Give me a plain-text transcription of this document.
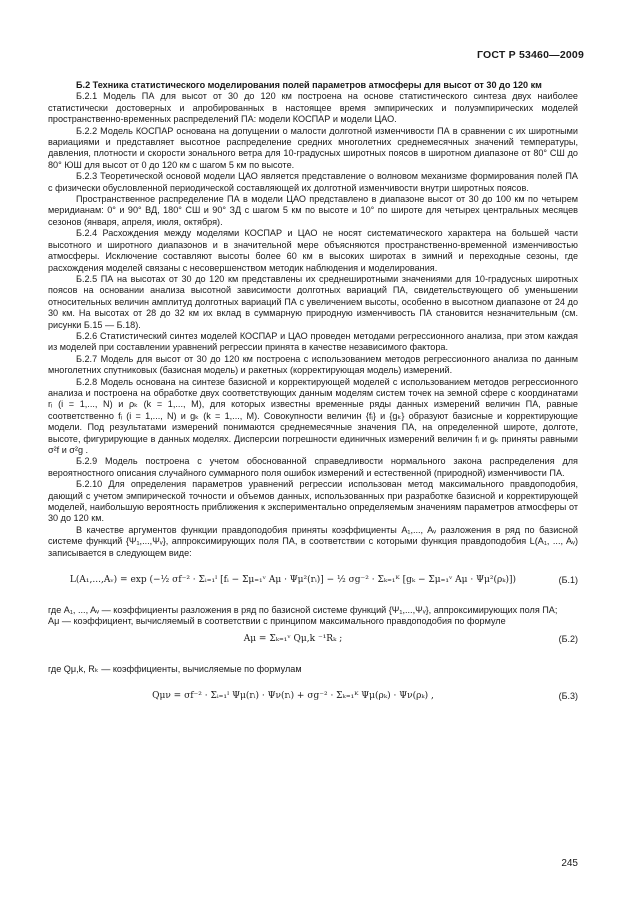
ГОСТ Р 53460—2009
Б.2 Техника статистического моделирования полей параметров атмосферы для высот от 30 до 120 км

Б.2.1 Модель ПА для высот от 30 до 120 км построена на основе статистического синтеза двух наиболее статистически достоверных и апробированных в настоящее время эмпирических и полуэмпирических моделей пространственно-временных распределений ПА: модели КОСПАР и модели ЦАО.

Б.2.2 Модель КОСПАР основана на допущении о малости долготной изменчивости ПА в сравнении с их широтными вариациями и представляет высотное распределение средних многолетних среднемесячных значений температуры, давления, плотности и скорости зонального ветра для 10-градусных широтных поясов в широтном диапазоне от 80° СШ до 80° ЮШ для высот от 0 до 120 км с шагом 5 км по высоте.

Б.2.3 Теоретической основой модели ЦАО является представление о волновом механизме формирования полей ПА с физически обусловленной периодической составляющей их долготной изменчивости внутри широтных поясов.

Пространственное распределение ПА в модели ЦАО представлено в диапазоне высот от 30 до 100 км по четырем меридианам: 0° и 90° ВД, 180° СШ и 90° ЗД с шагом 5 км по высоте и 10° по широте для четырех центральных месяцев сезонов (января, апреля, июля, октября).

Б.2.4 Расхождения между моделями КОСПАР и ЦАО не носят систематического характера на большей части высотного и широтного диапазонов и в значительной мере объясняются пространственно-временной изменчивостью атмосферы. Исключение составляют высоты более 60 км в высоких широтах в зимний и переходные сезоны, где расхождения моделей связаны с несовершенством методик наблюдения и моделирования.

Б.2.5 ПА на высотах от 30 до 120 км представлены их среднеширотными значениями для 10-градусных широтных поясов на основании анализа высотной зависимости долготных вариаций ПА, свидетельствующего об уменьшении относительных величин амплитуд долготных вариаций ПА с увеличением высоты, особенно в высотном диапазоне от 24 до 30 км. На высотах от 28 до 32 км их вклад в суммарную природную изменчивость ПА становится незначительным (см. рисунки Б.15 — Б.18).

Б.2.6 Статистический синтез моделей КОСПАР и ЦАО проведен методами регрессионного анализа, при этом каждая из моделей при составлении уравнений регрессии принята в качестве независимого фактора.

Б.2.7 Модель для высот от 30 до 120 км построена с использованием методов регрессионного анализа по данным многолетних спутниковых (базисная модель) и ракетных (корректирующая модель) измерений.

Б.2.8 Модель основана на синтезе базисной и корректирующей моделей с использованием методов регрессионного анализа и построена на обработке двух соответствующих данным моделям систем точек на земной сфере с координатами rᵢ (i = 1,..., N) и ρₖ (k = 1,..., M), для которых известны временные ряды данных измерений величин ПА, равные соответственно fᵢ (i = 1,..., N) и gₖ (k = 1,..., M). Совокупности величин {fᵢ} и {gₖ} образуют базисные и корректирующие модели. Под результатами измерений понимаются среднемесячные значения ПА, на определенной широте, долготе, высоте, фигурирующие в данных моделях. Дисперсии погрешности единичных измерений величин fᵢ и gₖ приняты равными σ²f и σ²g .

Б.2.9 Модель построена с учетом обоснованной справедливости нормального закона распределения для вероятностного описания случайного суммарного поля ошибок измерений и естественной (природной) изменчивости ПА.

Б.2.10 Для определения параметров уравнений регрессии использован метод максимального правдоподобия, дающий с учетом эмпирической точности и объемов данных, использованных при разработке базисной и корректирующей моделей, наибольшую вероятность приближения к экспериментально определяемым значениям параметров атмосферы от 30 до 120 км.

В качестве аргументов функции правдоподобия приняты коэффициенты A₁,..., Aᵥ разложения в ряд по базисной системе функций {Ψ₁,...,Ψᵥ}, аппроксимирующих поля ПА, в соответствии с которыми функция правдоподобия L(A₁, ..., Aᵥ) записывается в следующем виде:

L(A₁,...,Aᵥ) = exp (−½ σf⁻² · Σᵢ₌₁ᴵ [fᵢ − Σμ₌₁ᵛ Aμ · Ψμ²(rᵢ)] − ½ σg⁻² · Σₖ₌₁ᴷ [gₖ − Σμ₌₁ᵛ Aμ · Ψμ²(ρₖ)])	(Б.1)

где A₁, ..., Aᵥ — коэффициенты разложения в ряд по базисной системе функций {Ψ₁,...,Ψᵥ}, аппроксимирующих поля ПА;

Aμ — коэффициент, вычисляемый в соответствии с принципом максимального правдоподобия по формуле

Aμ = Σₖ₌₁ᵛ Qμ,k ⁻¹Rₖ ;	(Б.2)

где Qμ,k, Rₖ — коэффициенты, вычисляемые по формулам

Qμν = σf⁻² · Σᵢ₌₁ᴵ Ψμ(rᵢ) · Ψν(rᵢ) + σg⁻² · Σₖ₌₁ᴷ Ψμ(ρₖ) · Ψν(ρₖ) ,	(Б.3)
245
